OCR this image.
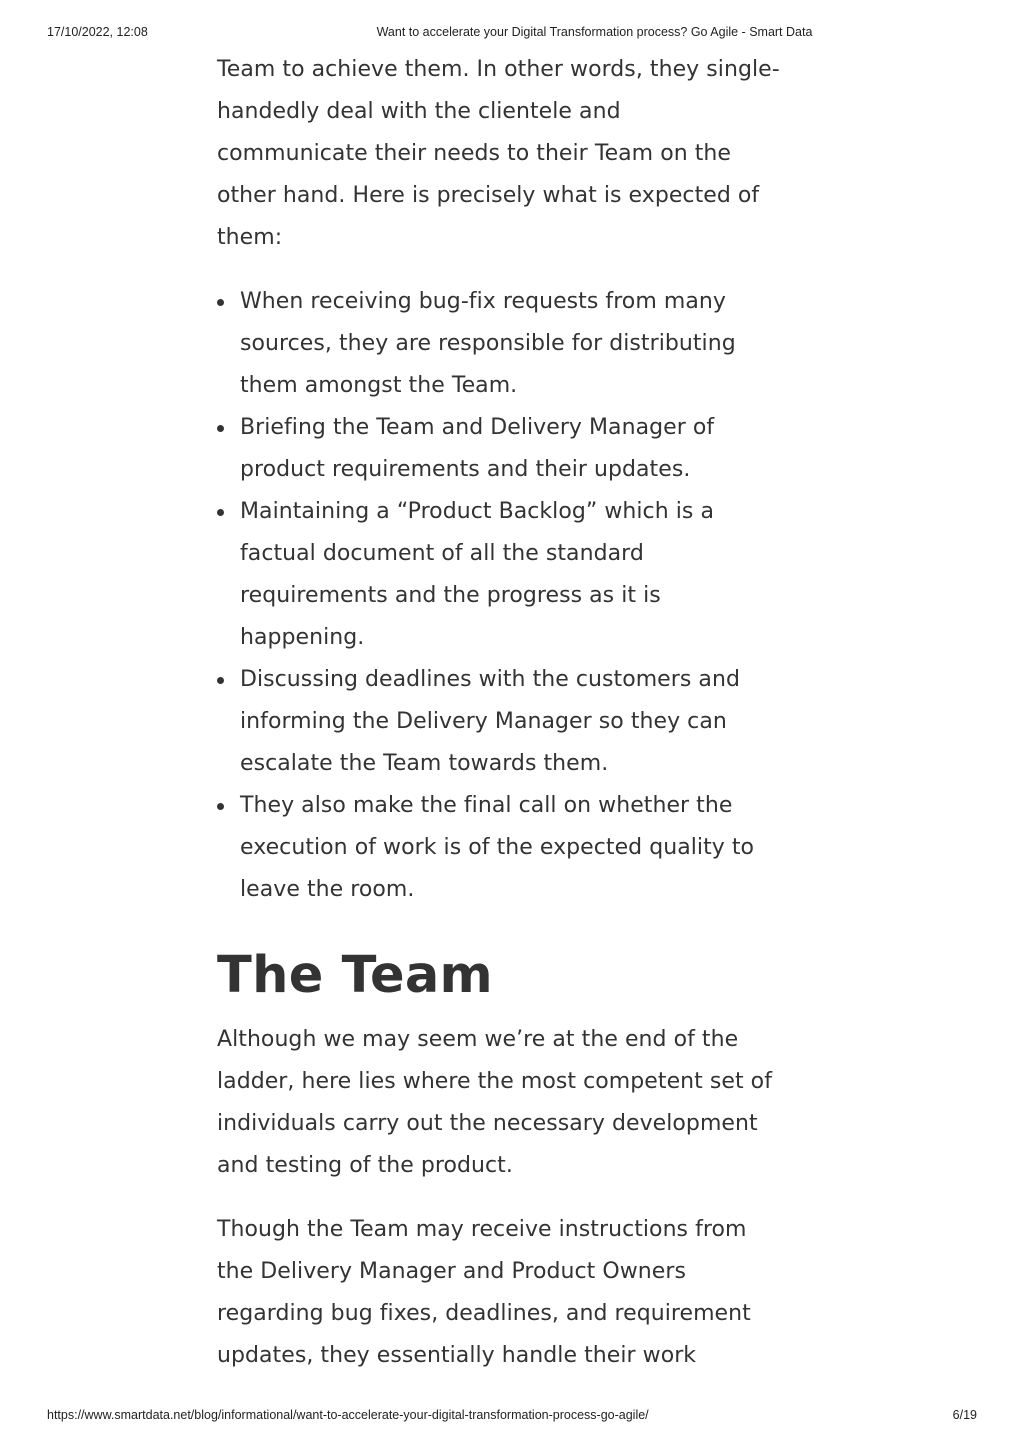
17/10/2022, 12:08	Want to accelerate your Digital Transformation process? Go Agile - Smart Data

Team to achieve them. In other words, they single-
handedly deal with the clientele and
communicate their needs to their Team on the
other hand. Here is precisely what is expected of
them:

When receiving bug-fix requests from many
sources, they are responsible for distributing
them amongst the Team.
Briefing the Team and Delivery Manager of
product requirements and their updates.
Maintaining a “Product Backlog” which is a
factual document of all the standard
requirements and the progress as it is
happening.
Discussing deadlines with the customers and
informing the Delivery Manager so they can
escalate the Team towards them.
They also make the final call on whether the
execution of work is of the expected quality to
leave the room.
The Team

Although we may seem we’re at the end of the
ladder, here lies where the most competent set of
individuals carry out the necessary development
and testing of the product.

Though the Team may receive instructions from
the Delivery Manager and Product Owners
regarding bug fixes, deadlines, and requirement
updates, they essentially handle their work

https://www.smartdata.net/blog/informational/want-to-accelerate-your-digital-transformation-process-go-agile/	6/19
